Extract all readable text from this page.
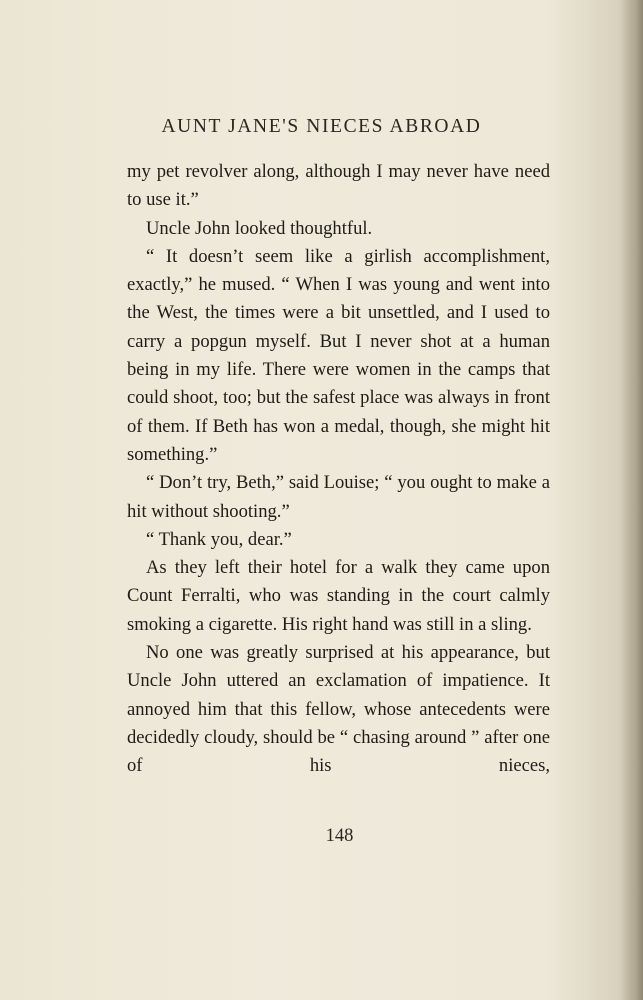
AUNT JANE'S NIECES ABROAD

my pet revolver along, although I may never have need to use it.”

Uncle John looked thoughtful.

“ It doesn’t seem like a girlish accomplishment, exactly,” he mused. “ When I was young and went into the West, the times were a bit unsettled, and I used to carry a popgun myself. But I never shot at a human being in my life. There were women in the camps that could shoot, too; but the safest place was always in front of them. If Beth has won a medal, though, she might hit something.”

“ Don’t try, Beth,” said Louise; “ you ought to make a hit without shooting.”

“ Thank you, dear.”

As they left their hotel for a walk they came upon Count Ferralti, who was standing in the court calmly smoking a cigarette. His right hand was still in a sling.

No one was greatly surprised at his appearance, but Uncle John uttered an exclamation of impatience. It annoyed him that this fellow, whose antecedents were decidedly cloudy, should be “ chasing around ” after one of his nieces,

148
